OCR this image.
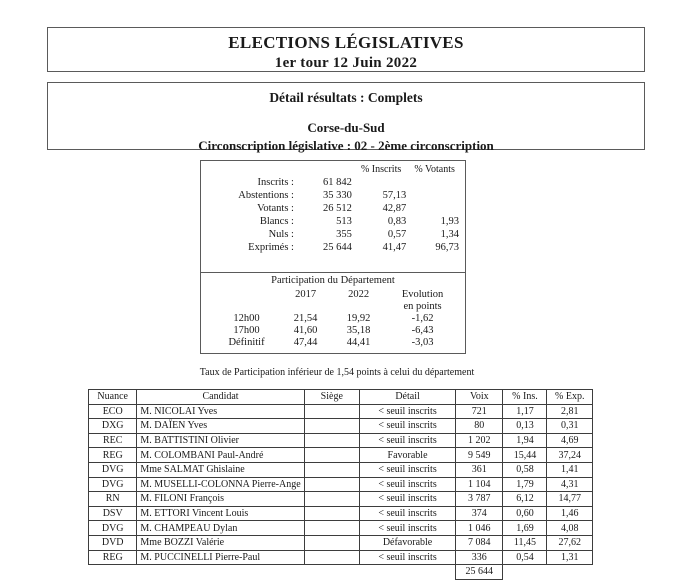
ELECTIONS LÉGISLATIVES
1er tour 12 Juin 2022
Détail résultats : Complets
Corse-du-Sud
Circonscription législative : 02 - 2ème circonscription
		% Inscrits	% Votants
Inscrits :	61 842		
Abstentions :	35 330	57,13	
Votants :	26 512	42,87	
Blancs :	513	0,83	1,93
Nuls :	355	0,57	1,34
Exprimés :	25 644	41,47	96,73
Participation du Département
	2017	2022	Evolution
			en points
12h00	21,54	19,92	-1,62
17h00	41,60	35,18	-6,43
Définitif	47,44	44,41	-3,03
Taux de Participation inférieur de 1,54 points à celui du département
Nuance	Candidat	Siège	Détail	Voix	% Ins.	% Exp.
ECO	M. NICOLAI Yves		< seuil inscrits	721	1,17	2,81
DXG	M. DAÏEN Yves		< seuil inscrits	80	0,13	0,31
REC	M. BATTISTINI Olivier		< seuil inscrits	1 202	1,94	4,69
REG	M. COLOMBANI Paul-André		Favorable	9 549	15,44	37,24
DVG	Mme SALMAT Ghislaine		< seuil inscrits	361	0,58	1,41
DVG	M. MUSELLI-COLONNA Pierre-Ange		< seuil inscrits	1 104	1,79	4,31
RN	M. FILONI François		< seuil inscrits	3 787	6,12	14,77
DSV	M. ETTORI Vincent Louis		< seuil inscrits	374	0,60	1,46
DVG	M. CHAMPEAU Dylan		< seuil inscrits	1 046	1,69	4,08
DVD	Mme BOZZI Valérie		Défavorable	7 084	11,45	27,62
REG	M. PUCCINELLI Pierre-Paul		< seuil inscrits	336	0,54	1,31
				25 644		
